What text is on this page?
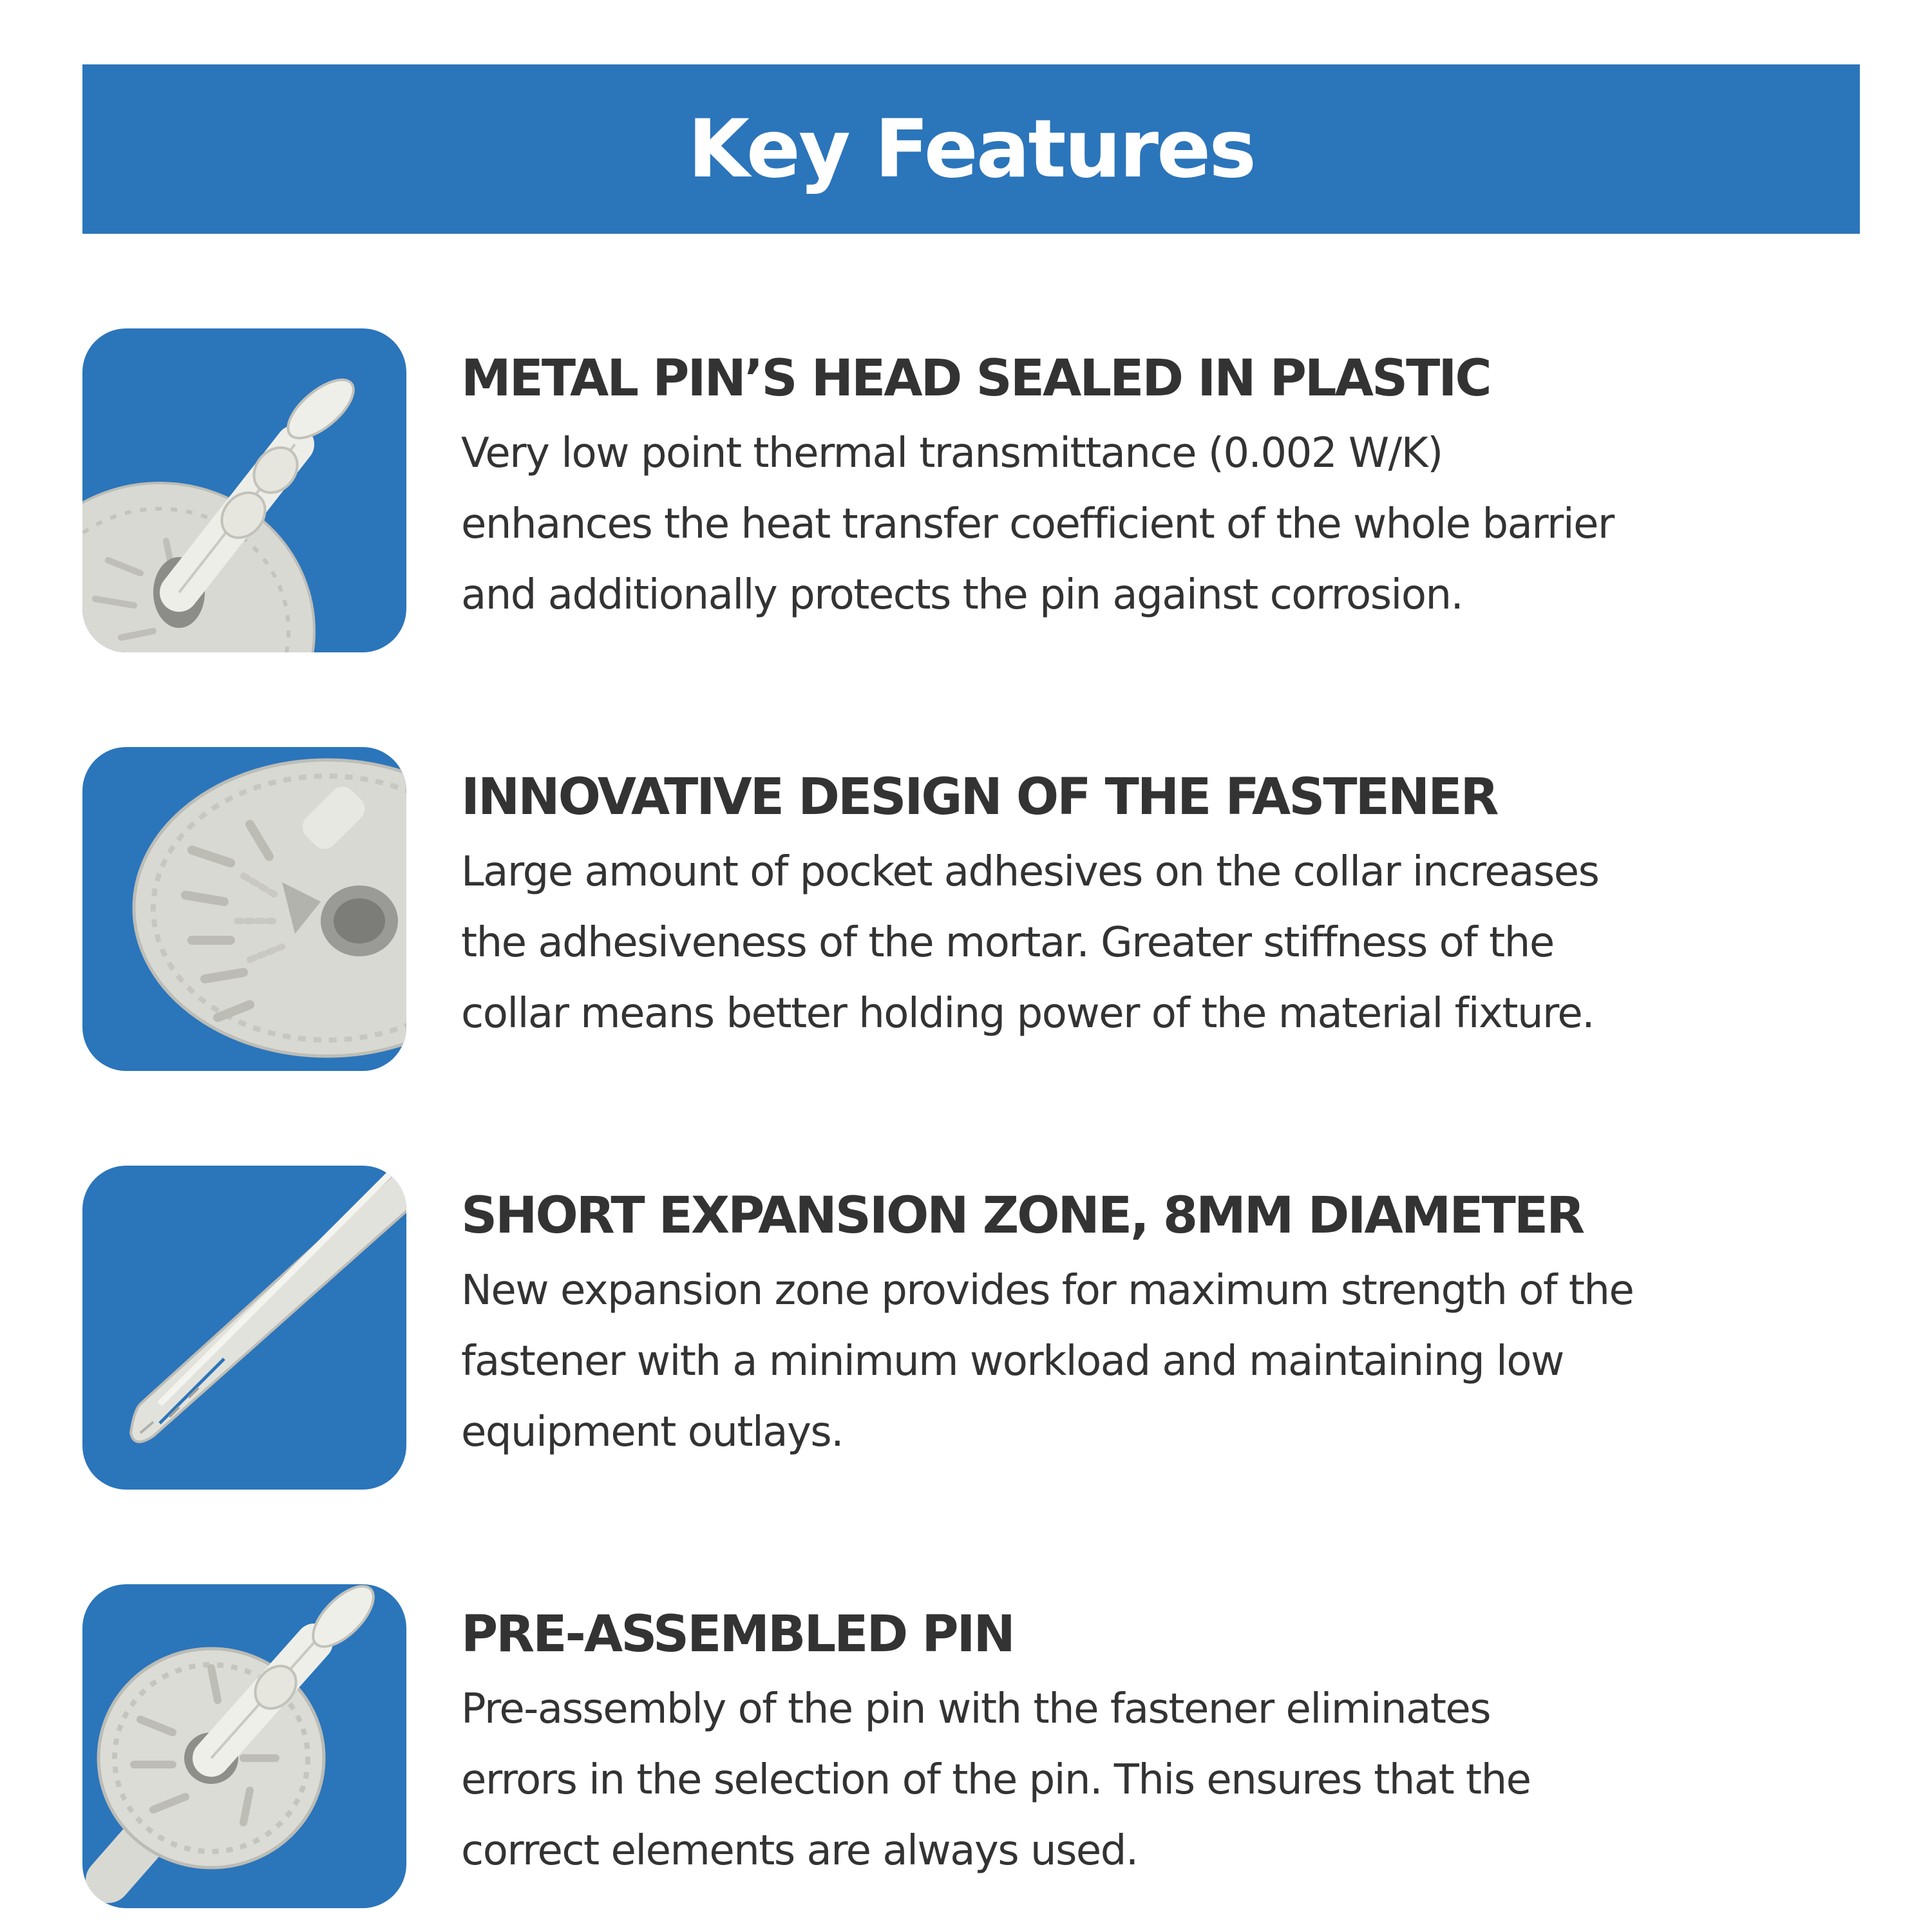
Key Features
METAL PIN’S HEAD SEALED IN PLASTIC

Very low point thermal transmittance (0.002 W/K)
enhances the heat transfer coefficient of the whole barrier
and additionally protects the pin against corrosion.

INNOVATIVE DESIGN OF THE FASTENER

Large amount of pocket adhesives on the collar increases
the adhesiveness of the mortar. Greater stiffness of the
collar means better holding power of the material fixture.

SHORT EXPANSION ZONE, 8MM DIAMETER

New expansion zone provides for maximum strength of the
fastener with a minimum workload and maintaining low
equipment outlays.

PRE-ASSEMBLED PIN

Pre-assembly of the pin with the fastener eliminates
errors in the selection of the pin. This ensures that the
correct elements are always used.
